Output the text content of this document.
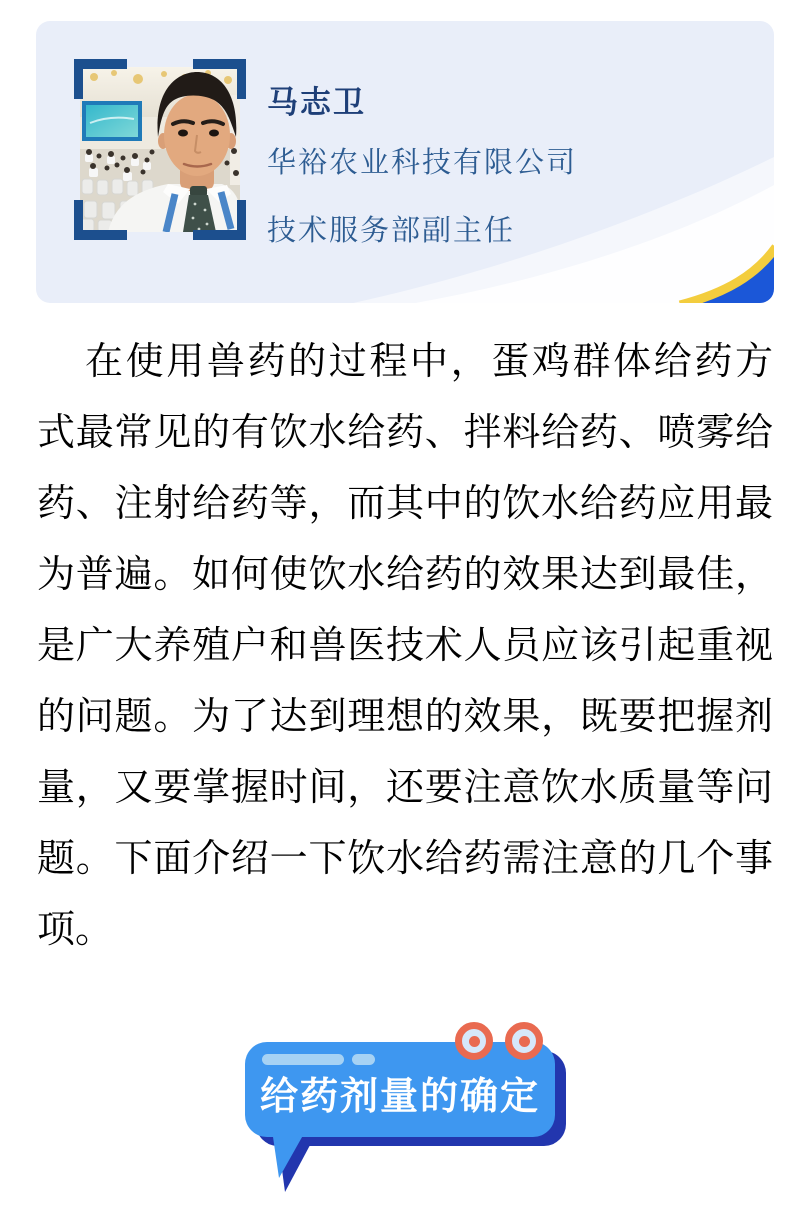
马志卫
华裕农业科技有限公司
技术服务部副主任
在使用兽药的过程中，蛋鸡群体给药方
式最常见的有饮水给药、拌料给药、喷雾给
药、注射给药等，而其中的饮水给药应用最
为普遍。如何使饮水给药的效果达到最佳，
是广大养殖户和兽医技术人员应该引起重视
的问题。为了达到理想的效果，既要把握剂
量，又要掌握时间，还要注意饮水质量等问
题。下面介绍一下饮水给药需注意的几个事
项。
给药剂量的确定
